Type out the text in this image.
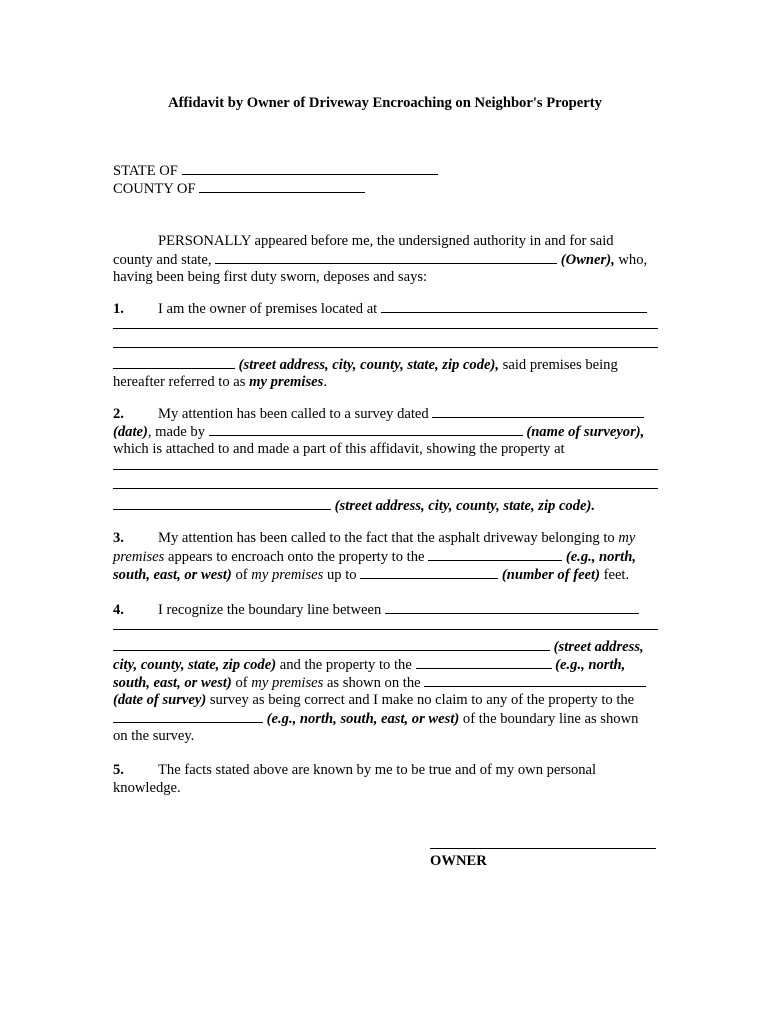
Affidavit by Owner of Driveway Encroaching on Neighbor's Property
STATE OF
COUNTY OF
PERSONALLY appeared before me, the undersigned authority in and for said
county and state,	(Owner), who,
having been being first duty sworn, deposes and says:
1. I am the owner of premises located at
(street address, city, county, state, zip code), said premises being
hereafter referred to as my premises.
2. My attention has been called to a survey dated
(date), made by	(name of surveyor),
which is attached to and made a part of this affidavit, showing the property at
(street address, city, county, state, zip code).
3. My attention has been called to the fact that the asphalt driveway belonging to my
premises appears to encroach onto the property to the	(e.g., north,
south, east, or west) of my premises up to	(number of feet) feet.
4. I recognize the boundary line between
(street address,
city, county, state, zip code) and the property to the	(e.g., north,
south, east, or west) of my premises as shown on the
(date of survey) survey as being correct and I make no claim to any of the property to the
(e.g., north, south, east, or west) of the boundary line as shown
on the survey.
5. The facts stated above are known by me to be true and of my own personal
knowledge.
OWNER
